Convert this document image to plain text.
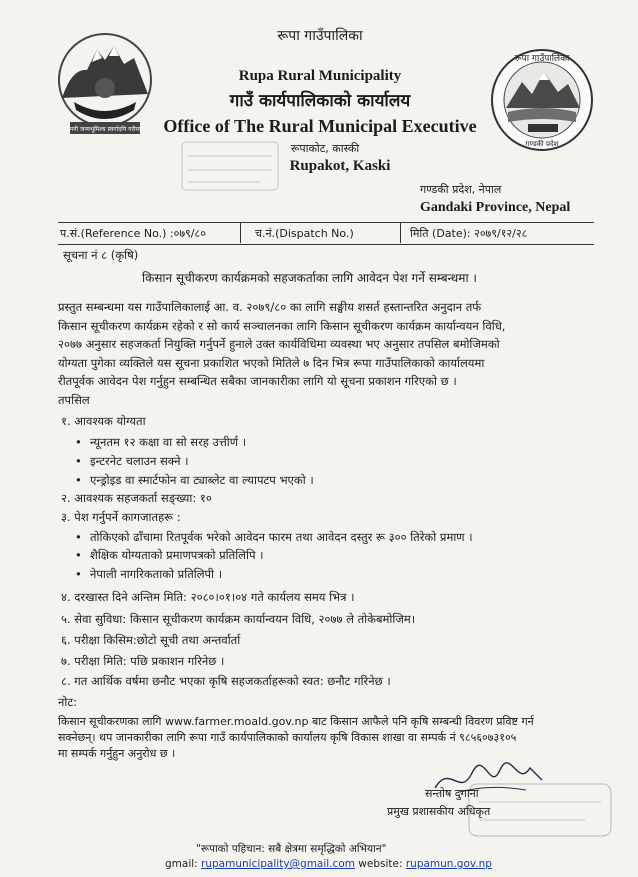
जननी जन्मभूमिश्च स्वर्गादपि गरीयसी
रूपा गाउँपालिका
गण्डकी प्रदेश
रूपा गाउँपालिका
Rupa Rural Municipality
गाउँ कार्यपालिकाको कार्यालय
Office of The Rural Municipal Executive
रूपाकोट, कास्की
Rupakot, Kaski
गण्डकी प्रदेश, नेपाल
Gandaki Province, Nepal
प.सं.(Reference No.) :०७९/८०	च.नं.(Dispatch No.)	मिति (Date): २०७९/१२/२८
सूचना नं ८ (कृषि)
किसान सूचीकरण कार्यक्रमको सहजकर्ताका लागि आवेदन पेश गर्ने सम्बन्धमा ।
प्रस्तुत सम्बन्धमा यस गाउँपालिकालाई आ. व. २०७९/८० का लागि सङ्घीय शसर्त हस्तान्तरित अनुदान तर्फ
किसान सूचीकरण कार्यक्रम रहेको र सो कार्य सञ्चालनका लागि किसान सूचीकरण कार्यक्रम कार्यान्वयन विधि,
२०७७ अनुसार सहजकर्ता नियुक्ति गर्नुपर्ने हुनाले उक्त कार्यविधिमा व्यवस्था भए अनुसार तपसिल बमोजिमको
योग्यता पुगेका व्यक्तिले यस सूचना प्रकाशित भएको मितिले ७ दिन भित्र रूपा गाउँपालिकाको कार्यालयमा
रीतपूर्वक आवेदन पेश गर्नुहुन सम्बन्धित सबैका जानकारीका लागि यो सूचना प्रकाशन गरिएको छ ।
तपसिल
१. आवश्यक योग्यता
• न्यूनतम १२ कक्षा वा सो सरह उत्तीर्ण ।
• इन्टरनेट चलाउन सक्ने ।
• एन्ड्रोइड वा स्मार्टफोन वा ट्याब्लेट वा ल्यापटप भएको ।
२. आवश्यक सहजकर्ता सङ्ख्या: १०
३. पेश गर्नुपर्ने कागजातहरू :
• तोकिएको ढाँचामा रितपूर्वक भरेको आवेदन फारम तथा आवेदन दस्तुर रू ३०० तिरेको प्रमाण ।
• शैक्षिक योग्यताको प्रमाणपत्रको प्रतिलिपि ।
• नेपाली नागरिकताको प्रतिलिपी ।
४. दरखास्त दिने अन्तिम मिति: २०८०।०१।०४ गते कार्यलय समय भित्र ।
५. सेवा सुविधा: किसान सूचीकरण कार्यक्रम कार्यान्वयन विधि, २०७७ ले तोकेबमोजिम।
६. परीक्षा किसिम:छोटो सूची तथा अन्तर्वार्ता
७. परीक्षा मिति: पछि प्रकाशन गरिनेछ ।
८. गत आर्थिक वर्षमा छनौट भएका कृषि सहजकर्ताहरूको स्वत: छनौट गरिनेछ ।
नोट:
किसान सूचीकरणका लागि www.farmer.moald.gov.np बाट किसान आफैले पनि कृषि सम्बन्धी विवरण प्रविष्ट गर्न
सक्नेछन्। थप जानकारीका लागि रूपा गाउँ कार्यपालिकाको कार्यालय कृषि विकास शाखा वा सम्पर्क नं ९८५६०७३१०५
मा सम्पर्क गर्नुहुन अनुरोध छ ।
सन्तोष दुगाना
प्रमुख प्रशासकीय अधिकृत
"रूपाको पहिचान: सबै क्षेत्रमा समृद्धिको अभियान"
gmail: rupamunicipality@gmail.com website: rupamun.gov.np
